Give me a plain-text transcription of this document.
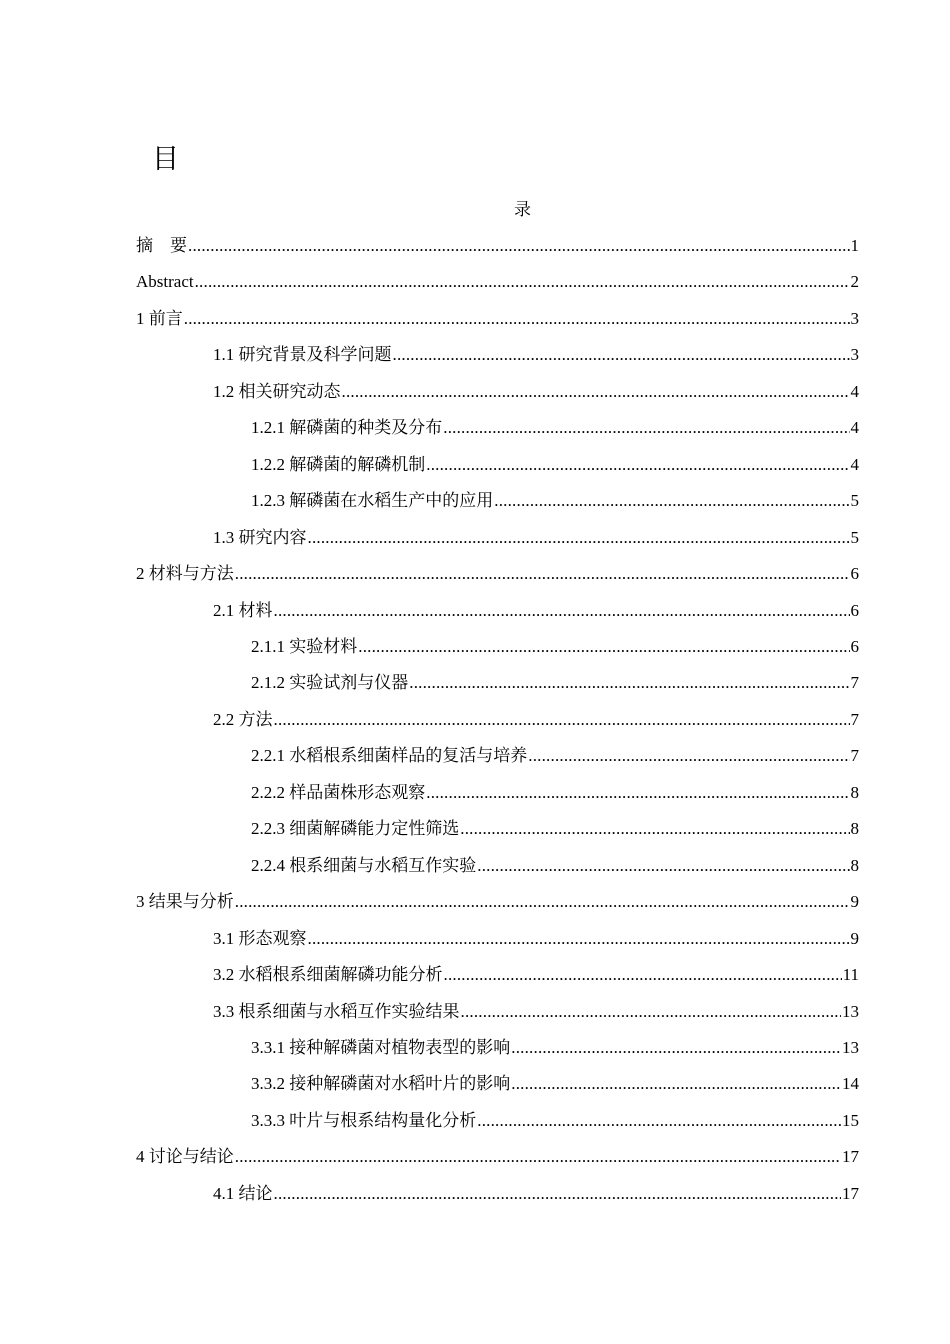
目
录
摘　要 .....	1
Abstract .....	2
1 前言 .....	3
1.1 研究背景及科学问题 .....	3
1.2 相关研究动态 .....	4
1.2.1 解磷菌的种类及分布 .....	4
1.2.2 解磷菌的解磷机制 .....	4
1.2.3 解磷菌在水稻生产中的应用 .....	5
1.3 研究内容 .....	5
2 材料与方法 .....	6
2.1 材料 .....	6
2.1.1 实验材料 .....	6
2.1.2 实验试剂与仪器 .....	7
2.2 方法 .....	7
2.2.1 水稻根系细菌样品的复活与培养 .....	7
2.2.2 样品菌株形态观察 .....	8
2.2.3 细菌解磷能力定性筛选 .....	8
2.2.4 根系细菌与水稻互作实验 .....	8
3 结果与分析 .....	9
3.1 形态观察 .....	9
3.2 水稻根系细菌解磷功能分析 .....	11
3.3 根系细菌与水稻互作实验结果 .....	13
3.3.1 接种解磷菌对植物表型的影响 .....	13
3.3.2 接种解磷菌对水稻叶片的影响 .....	14
3.3.3 叶片与根系结构量化分析 .....	15
4 讨论与结论 .....	17
4.1 结论 .....	17
